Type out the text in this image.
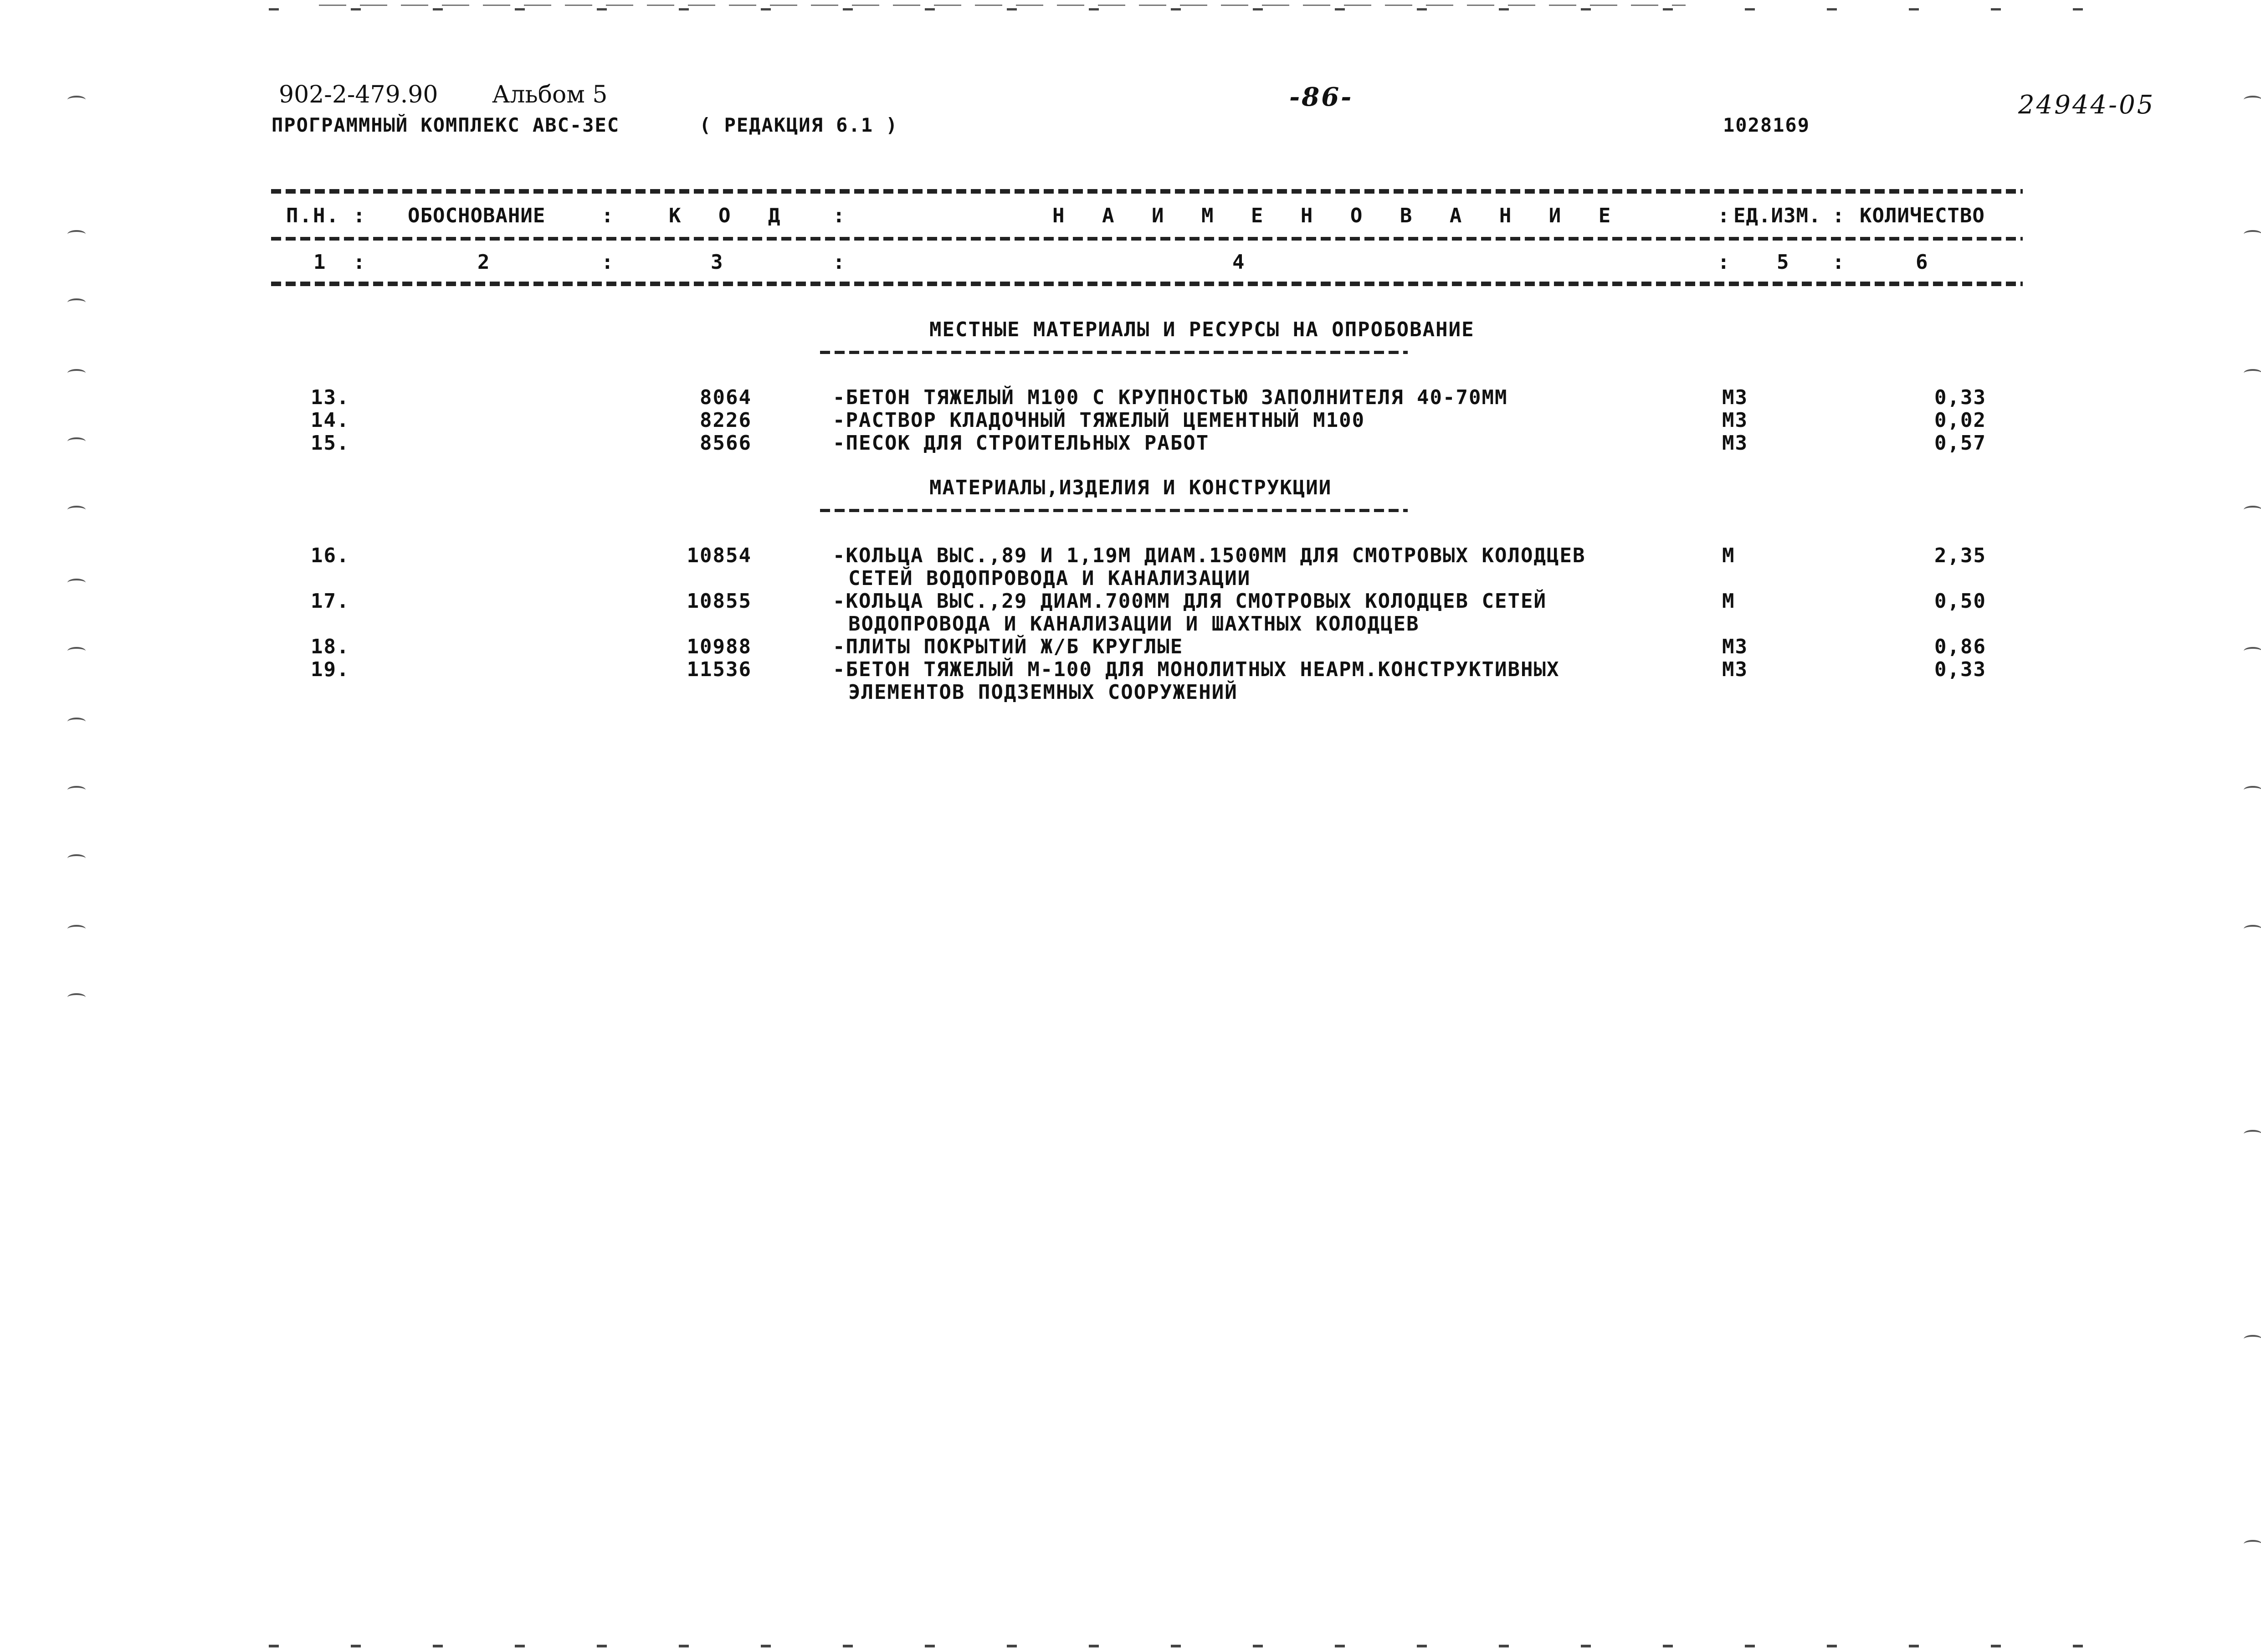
902-2-479.90 Альбом 5
ПРОГРАММНЫЙ КОМПЛЕКС АВС-ЗЕС	( РЕДАКЦИЯ 6.1 )
-86-
1028169
24944-05
П.Н. : ОБОСНОВАНИЕ	:	К О Д :	Н А И М Е Н О В А Н И Е	: ЕД.ИЗМ. : КОЛИЧЕСТВО
1 :	2	:	3	:	4	: 5 :	6
МЕСТНЫЕ МАТЕРИАЛЫ И РЕСУРСЫ НА ОПРОБОВАНИЕ
13.	8064	-БЕТОН ТЯЖЕЛЫЙ М100 С КРУПНОСТЬЮ ЗАПОЛНИТЕЛЯ 40-70ММ	М3	0,33
14.	8226	-РАСТВОР КЛАДОЧНЫЙ ТЯЖЕЛЫЙ ЦЕМЕНТНЫЙ М100	М3	0,02
15.	8566	-ПЕСОК ДЛЯ СТРОИТЕЛЬНЫХ РАБОТ	М3	0,57
МАТЕРИАЛЫ,ИЗДЕЛИЯ И КОНСТРУКЦИИ
16.	10854	-КОЛЬЦА ВЫС.,89 И 1,19М ДИАМ.1500ММ ДЛЯ СМОТРОВЫХ КОЛОДЦЕВ
СЕТЕЙ ВОДОПРОВОДА И КАНАЛИЗАЦИИ
М	2,35
17.	10855	-КОЛЬЦА ВЫС.,29 ДИАМ.700ММ ДЛЯ СМОТРОВЫХ КОЛОДЦЕВ СЕТЕЙ
ВОДОПРОВОДА И КАНАЛИЗАЦИИ И ШАХТНЫХ КОЛОДЦЕВ
М	0,50
18.	10988	-ПЛИТЫ ПОКРЫТИЙ Ж/Б КРУГЛЫЕ	М3	0,86
19.	11536	-БЕТОН ТЯЖЕЛЫЙ М-100 ДЛЯ МОНОЛИТНЫХ НЕАРМ.КОНСТРУКТИВНЫХ
ЭЛЕМЕНТОВ ПОДЗЕМНЫХ СООРУЖЕНИЙ
М3	0,33
